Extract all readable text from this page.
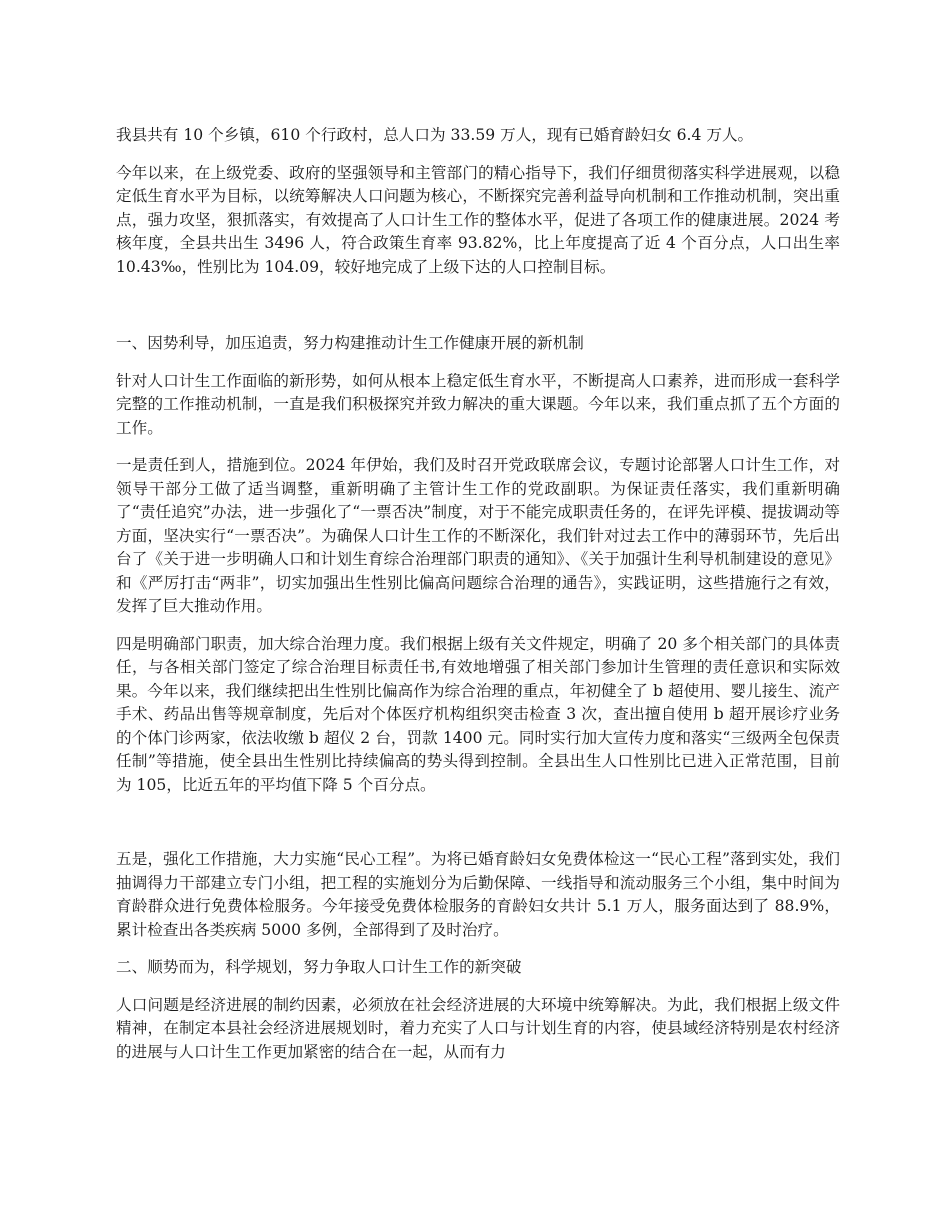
我县共有 10 个乡镇，610 个行政村，总人口为 33.59 万人，现有已婚育龄妇女 6.4 万人。

今年以来，在上级党委、政府的坚强领导和主管部门的精心指导下，我们仔细贯彻落实科学进展观，以稳定低生育水平为目标，以统筹解决人口问题为核心，不断探究完善利益导向机制和工作推动机制，突出重点，强力攻坚，狠抓落实，有效提高了人口计生工作的整体水平，促进了各项工作的健康进展。2024 考核年度，全县共出生 3496 人，符合政策生育率 93.82%，比上年度提高了近 4 个百分点，人口出生率 10.43‰，性别比为 104.09，较好地完成了上级下达的人口控制目标。

一、因势利导，加压追责，努力构建推动计生工作健康开展的新机制

针对人口计生工作面临的新形势，如何从根本上稳定低生育水平，不断提高人口素养，进而形成一套科学完整的工作推动机制，一直是我们积极探究并致力解决的重大课题。今年以来，我们重点抓了五个方面的工作。

一是责任到人，措施到位。2024 年伊始，我们及时召开党政联席会议，专题讨论部署人口计生工作，对领导干部分工做了适当调整，重新明确了主管计生工作的党政副职。为保证责任落实，我们重新明确了“责任追究”办法，进一步强化了“一票否决”制度，对于不能完成职责任务的，在评先评模、提拔调动等方面，坚决实行“一票否决”。为确保人口计生工作的不断深化，我们针对过去工作中的薄弱环节，先后出台了《关于进一步明确人口和计划生育综合治理部门职责的通知》、《关于加强计生利导机制建设的意见》和《严厉打击“两非”，切实加强出生性别比偏高问题综合治理的通告》，实践证明，这些措施行之有效，发挥了巨大推动作用。

四是明确部门职责，加大综合治理力度。我们根据上级有关文件规定，明确了 20 多个相关部门的具体责任，与各相关部门签定了综合治理目标责任书,有效地增强了相关部门参加计生管理的责任意识和实际效果。今年以来，我们继续把出生性别比偏高作为综合治理的重点，年初健全了 b 超使用、婴儿接生、流产手术、药品出售等规章制度，先后对个体医疗机构组织突击检查 3 次，查出擅自使用 b 超开展诊疗业务的个体门诊两家，依法收缴 b 超仪 2 台，罚款 1400 元。同时实行加大宣传力度和落实“三级两全包保责任制”等措施，使全县出生性别比持续偏高的势头得到控制。全县出生人口性别比已进入正常范围，目前为 105，比近五年的平均值下降 5 个百分点。

五是，强化工作措施，大力实施“民心工程”。为将已婚育龄妇女免费体检这一“民心工程”落到实处，我们抽调得力干部建立专门小组，把工程的实施划分为后勤保障、一线指导和流动服务三个小组，集中时间为育龄群众进行免费体检服务。今年接受免费体检服务的育龄妇女共计 5.1 万人，服务面达到了 88.9%，累计检查出各类疾病 5000 多例，全部得到了及时治疗。

二、顺势而为，科学规划，努力争取人口计生工作的新突破

人口问题是经济进展的制约因素，必须放在社会经济进展的大环境中统筹解决。为此，我们根据上级文件精神，在制定本县社会经济进展规划时，着力充实了人口与计划生育的内容，使县域经济特别是农村经济的进展与人口计生工作更加紧密的结合在一起，从而有力
